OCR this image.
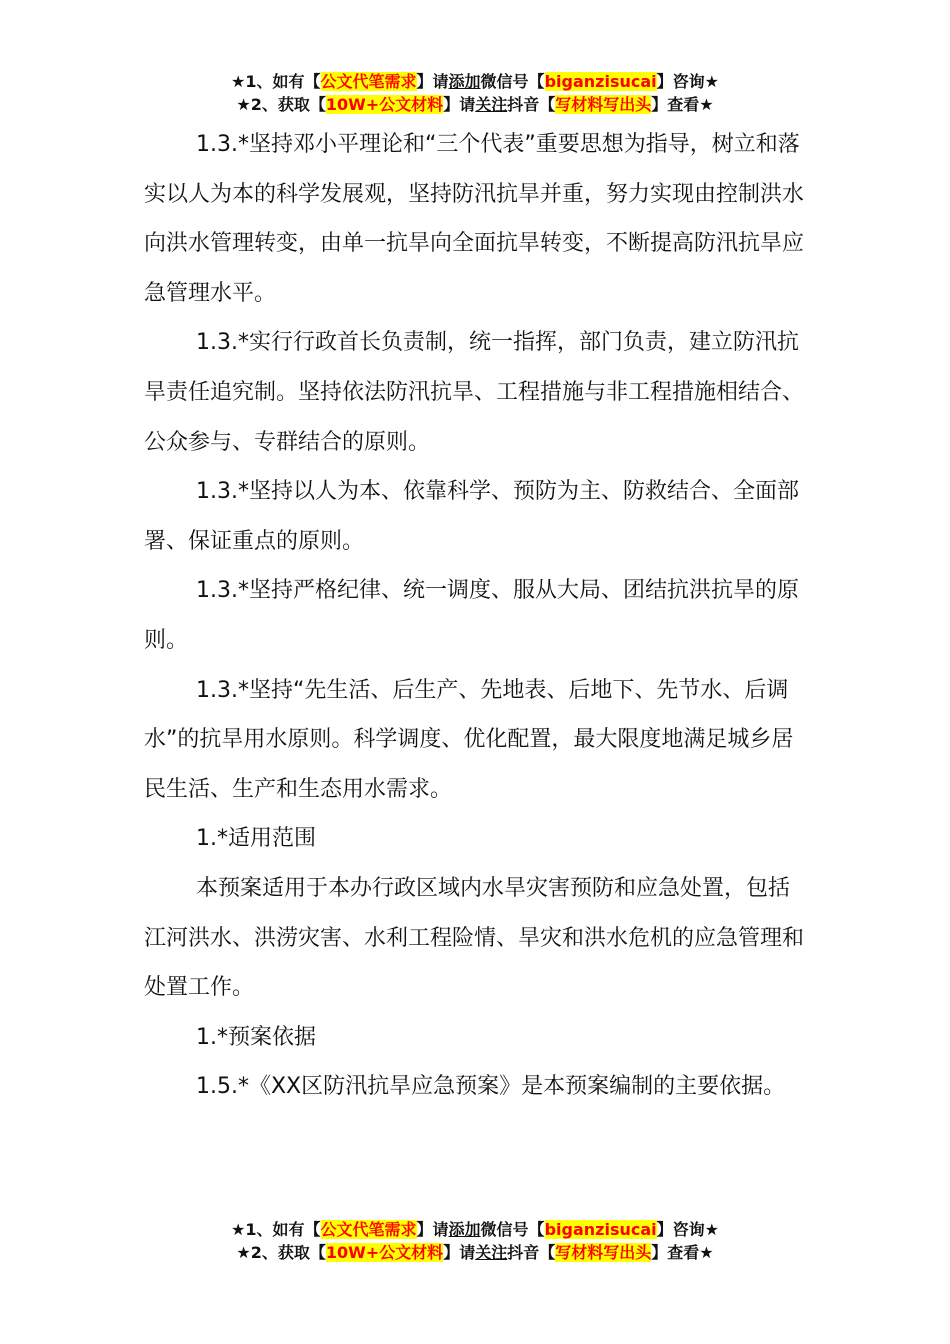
★1、如有【公文代笔需求】请添加微信号【biganzisucai】咨询★
★2、获取【10W+公文材料】请关注抖音【写材料写出头】查看★

1.3.*坚持邓小平理论和“三个代表”重要思想为指导，树立和落实以人为本的科学发展观，坚持防汛抗旱并重，努力实现由控制洪水向洪水管理转变，由单一抗旱向全面抗旱转变，不断提高防汛抗旱应急管理水平。

1.3.*实行行政首长负责制，统一指挥，部门负责，建立防汛抗旱责任追究制。坚持依法防汛抗旱、工程措施与非工程措施相结合、公众参与、专群结合的原则。

1.3.*坚持以人为本、依靠科学、预防为主、防救结合、全面部署、保证重点的原则。

1.3.*坚持严格纪律、统一调度、服从大局、团结抗洪抗旱的原则。

1.3.*坚持“先生活、后生产、先地表、后地下、先节水、后调水”的抗旱用水原则。科学调度、优化配置，最大限度地满足城乡居民生活、生产和生态用水需求。

1.*适用范围

本预案适用于本办行政区域内水旱灾害预防和应急处置，包括江河洪水、洪涝灾害、水利工程险情、旱灾和洪水危机的应急管理和处置工作。

1.*预案依据

1.5.*《XX区防汛抗旱应急预案》是本预案编制的主要依据。

★1、如有【公文代笔需求】请添加微信号【biganzisucai】咨询★
★2、获取【10W+公文材料】请关注抖音【写材料写出头】查看★
